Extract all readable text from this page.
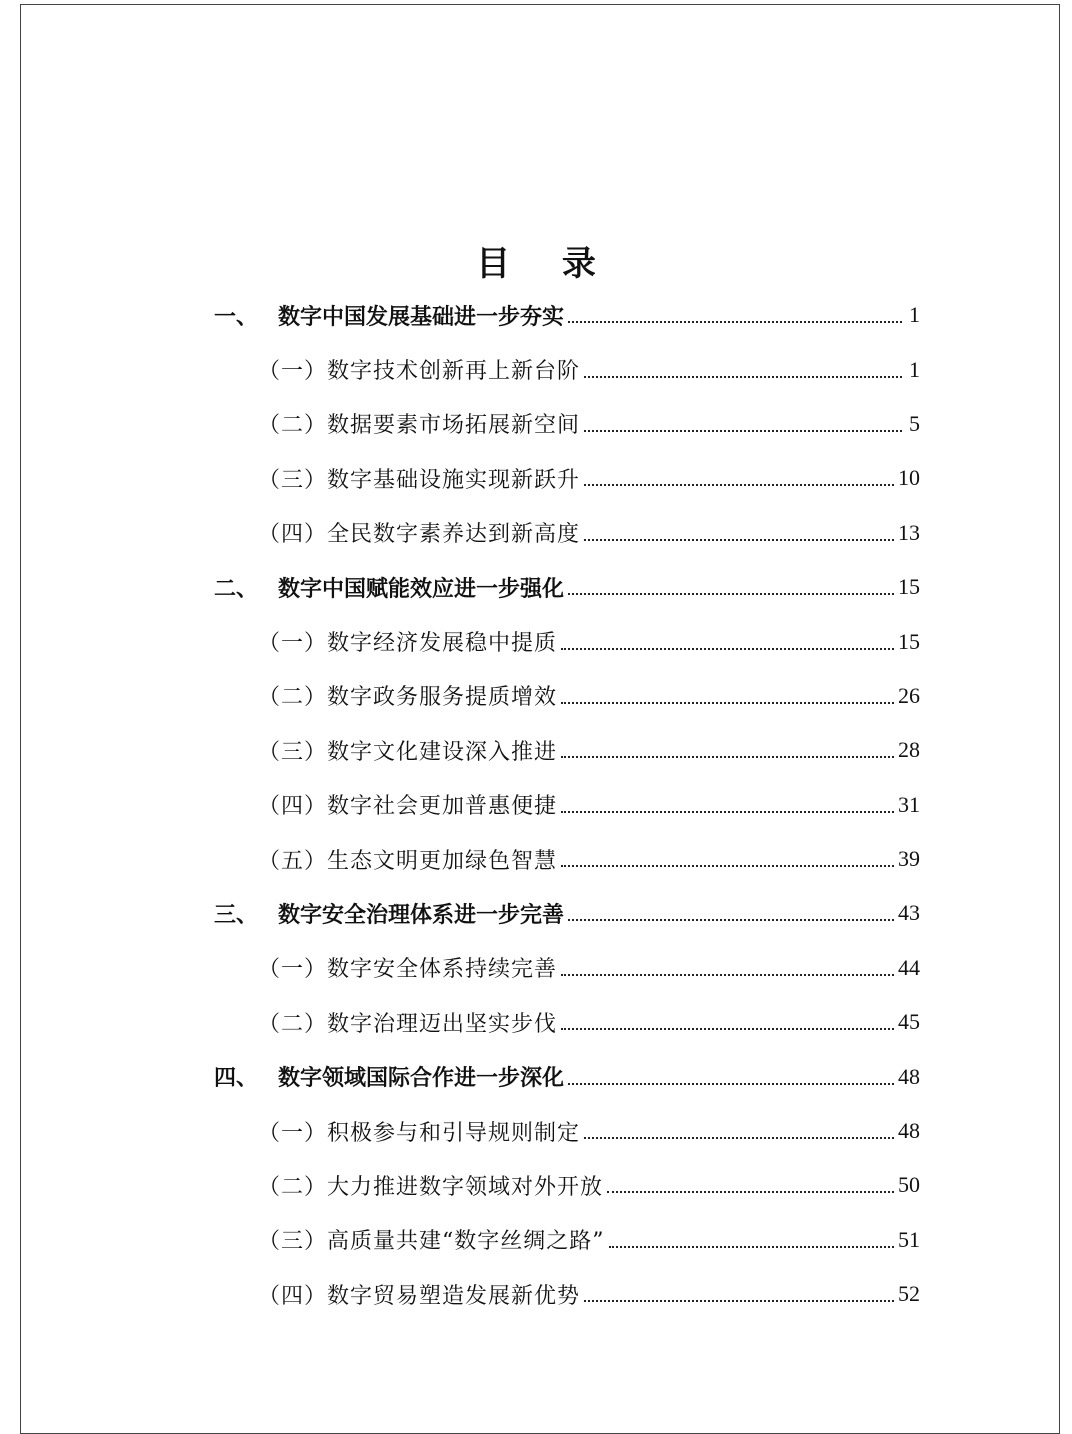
目 录
一、 数字中国发展基础进一步夯实	1
（一）数字技术创新再上新台阶	1
（二）数据要素市场拓展新空间	5
（三）数字基础设施实现新跃升	10
（四）全民数字素养达到新高度	13
二、 数字中国赋能效应进一步强化	15
（一）数字经济发展稳中提质	15
（二）数字政务服务提质增效	26
（三）数字文化建设深入推进	28
（四）数字社会更加普惠便捷	31
（五）生态文明更加绿色智慧	39
三、 数字安全治理体系进一步完善	43
（一）数字安全体系持续完善	44
（二）数字治理迈出坚实步伐	45
四、 数字领域国际合作进一步深化	48
（一）积极参与和引导规则制定	48
（二）大力推进数字领域对外开放	50
（三）高质量共建“数字丝绸之路”	51
（四）数字贸易塑造发展新优势	52
